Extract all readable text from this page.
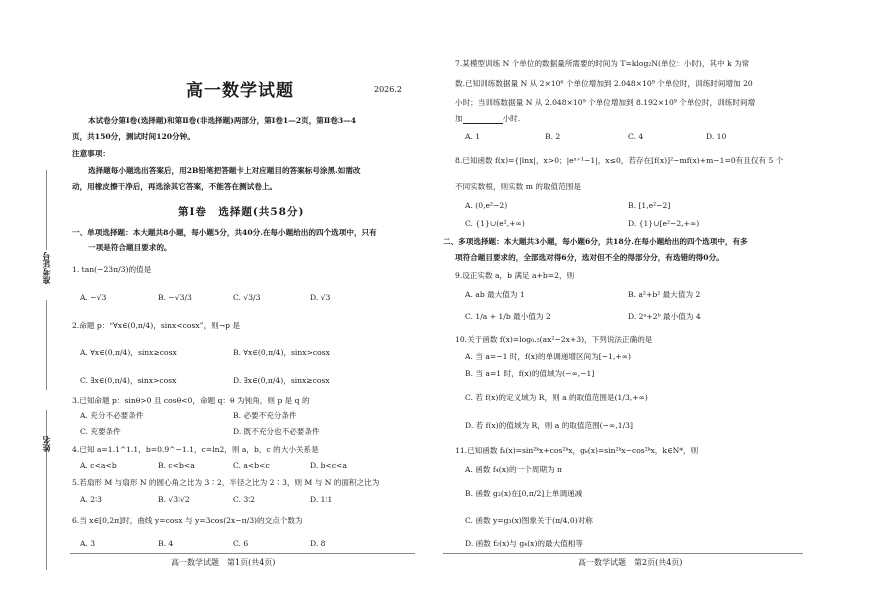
准考证号
姓名
高一数学试题	2026.2
本试卷分第Ⅰ卷(选择题)和第Ⅱ卷(非选择题)两部分，第Ⅰ卷1—2页，第Ⅱ卷3—4
页，共150分，测试时间120分钟。
注意事项：
选择题每小题选出答案后，用2B铅笔把答题卡上对应题目的答案标号涂黑.如需改
动，用橡皮擦干净后，再选涂其它答案，不能答在测试卷上。
第Ⅰ卷　选择题(共58分)
一、单项选择题：本大题共8小题，每小题5分，共40分.在每小题给出的四个选项中，只有
一项是符合题目要求的。
1. tan(−23π/3)的值是
A. −√3	B. −√3/3	C. √3/3	D. √3
2.命题 p：“∀x∈(0,π/4)，sinx<cosx”，则¬p 是
A. ∀x∈(0,π/4)，sinx≥cosx	B. ∀x∈(0,π/4)，sinx>cosx
C. ∃x∈(0,π/4)，sinx>cosx	D. ∃x∈(0,π/4)，sinx≥cosx
3.已知命题 p：sinθ>0 且 cosθ<0，命题 q：θ 为钝角，则 p 是 q 的
A. 充分不必要条件	B. 必要不充分条件
C. 充要条件	D. 既不充分也不必要条件
4.已知 a=1.1^1.1，b=0.9^−1.1，c=ln2，则 a，b，c 的大小关系是
A. c<a<b	B. c<b<a	C. a<b<c	D. b<c<a
5.若扇形 M 与扇形 N 的圆心角之比为 3∶2，半径之比为 2∶3，则 M 与 N 的面积之比为
A. 2∶3	B. √3∶√2	C. 3∶2	D. 1∶1
6.当 x∈[0,2π]时，曲线 y=cosx 与 y=3cos(2x−π/3)的交点个数为
A. 3	B. 4	C. 6	D. 8
高一数学试题　第1页(共4页)
7.某模型训练 N 个单位的数据量所需要的时间为 T=klog₂N(单位：小时)，其中 k 为常
数.已知训练数据量 N 从 2×10⁶ 个单位增加到 2.048×10⁹ 个单位时，训练时间增加 20
小时；当训练数据量 N 从 2.048×10⁹ 个单位增加到 8.192×10⁹ 个单位时，训练时间增
加	小时.
A. 1	B. 2	C. 4	D. 10
8.已知函数 f(x)={|lnx|，x>0；|eˣ⁺¹−1|，x≤0，若存在[f(x)]²−mf(x)+m−1=0有且仅有 5 个
不同实数根，则实数 m 的取值范围是
A. (0,e²−2)	B. [1,e²−2]
C. {1}∪(e²,+∞)	D. {1}∪[e²−2,+∞)
二、多项选择题：本大题共3小题，每小题6分，共18分.在每小题给出的四个选项中，有多
项符合题目要求的，全部选对得6分，选对但不全的得部分分，有选错的得0分。
9.设正实数 a，b 满足 a+b=2，则
A. ab 最大值为 1	B. a²+b² 最大值为 2
C. 1/a + 1/b 最小值为 2	D. 2ᵃ+2ᵇ 最小值为 4
10.关于函数 f(x)=log₀.₅(ax²−2x+3)，下列说法正确的是
A. 当 a=−1 时，f(x)的单调递增区间为[−1,+∞)
B. 当 a=1 时，f(x)的值域为(−∞,−1]
C. 若 f(x)的定义域为 R，则 a 的取值范围是(1/3,+∞)
D. 若 f(x)的值域为 R，则 a 的取值范围(−∞,1/3]
11.已知函数 fₖ(x)=sin²ᵏx+cos²ᵏx，gₖ(x)=sin²ᵏx−cos²ᵏx，k∈N*，则
A. 函数 f₄(x)的一个周期为 π
B. 函数 g₂(x)在[0,π/2]上单调递减
C. 函数 y=g₃(x)图象关于(π/4,0)对称
D. 函数 f₂(x)与 g₄(x)的最大值相等
高一数学试题　第2页(共4页)
